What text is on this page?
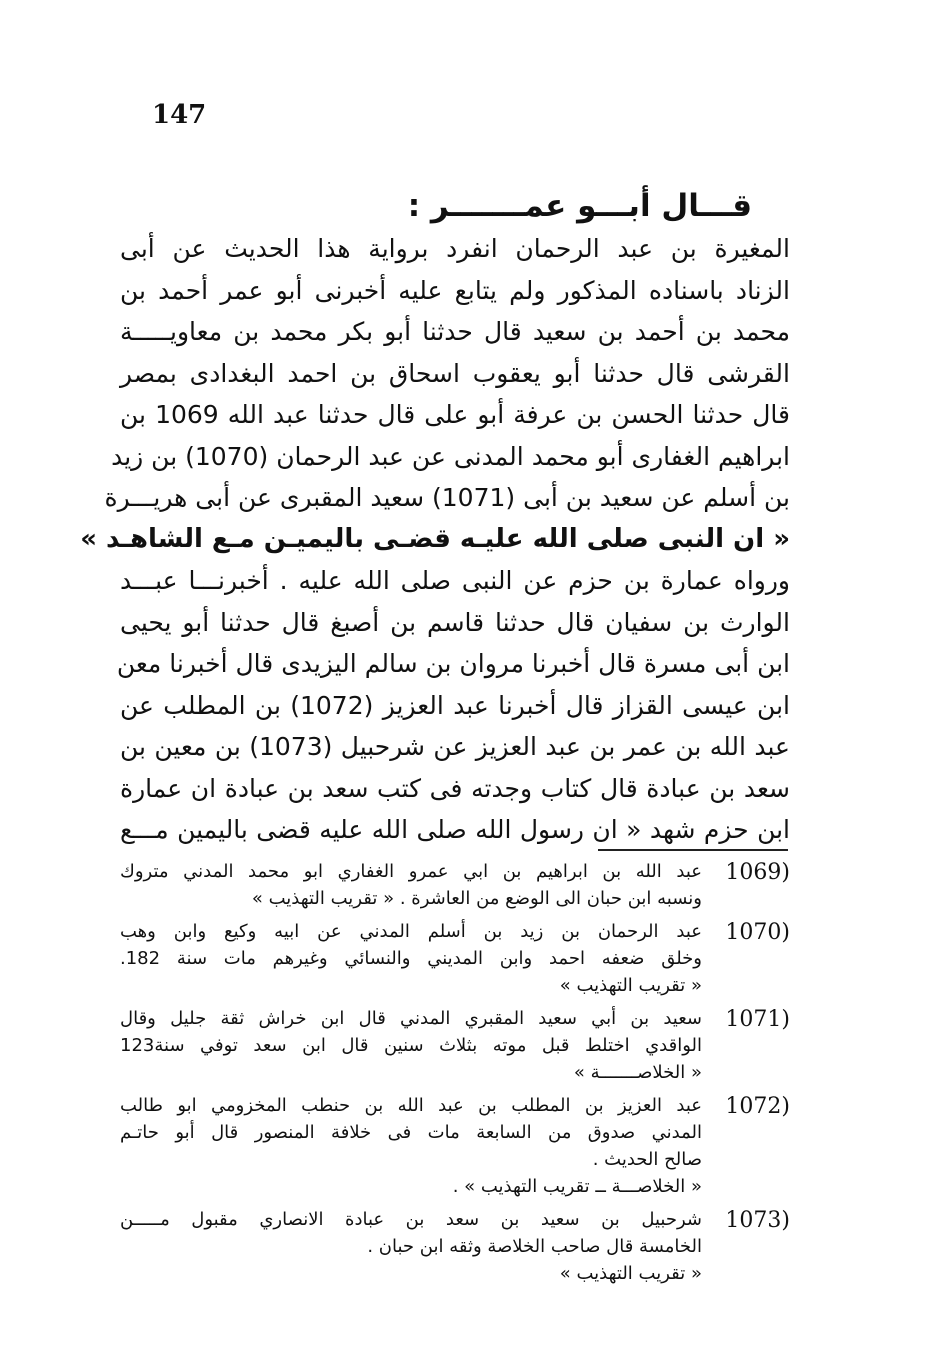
147
قـــال أبـــو عمـــــــر :
المغيرة بن عبد الرحمان انفرد برواية هذا الحديث عن أبى
الزناد باسناده المذكور ولم يتابع عليه أخبرنى أبو عمر أحمد بن
محمد بن أحمد بن سعيد قال حدثنا أبو بكر محمد بن معاويـــــة
القرشى قال حدثنا أبو يعقوب اسحاق بن احمد البغدادى بمصر
قال حدثنا الحسن بن عرفة أبو على قال حدثنا عبد الله 1069 بن
ابراهيم الغفارى أبو محمد المدنى عن عبد الرحمان (1070) بن زيد
بن أسلم عن سعيد بن أبى (1071) سعيد المقبرى عن أبى هريـــرة
« ان النبى صلى الله عليـه قضـى باليميـن مـع الشاهـد »
ورواه عمارة بن حزم عن النبى صلى الله عليه . أخبرنـــا عبـــد
الوارث بن سفيان قال حدثنا قاسم بن أصبغ قال حدثنا أبو يحيى
ابن أبى مسرة قال أخبرنا مروان بن سالم اليزيدى قال أخبرنا معن
ابن عيسى القزاز قال أخبرنا عبد العزيز (1072) بن المطلب عن
عبد الله بن عمر بن عبد العزيز عن شرحبيل (1073) بن معين بن
سعد بن عبادة قال كتاب وجدته فى كتب سعد بن عبادة ان عمارة
ابن حزم شهد « ان رسول الله صلى الله عليه قضى باليمين مـــع
1069)
عبد الله بن ابراهيم بن ابي عمرو الغفاري ابو محمد المدني متروك
ونسبه ابن حبان الى الوضع من العاشرة . « تقريب التهذيب »
1070)
عبد الرحمان بن زيد بن أسلم المدني عن ابيه وكيع وابن وهب
وخلق ضعفه احمد وابن المديني والنسائي وغيرهم مات سنة 182.
« تقريب التهذيب »
1071)
سعيد بن أبي سعيد المقبري المدني قال ابن خراش ثقة جليل وقال
الواقدي اختلط قبل موته بثلاث سنين قال ابن سعد توفي سنة123
« الخلاصـــــــة »
1072)
عبد العزيز بن المطلب بن عبد الله بن حنطب المخزومي ابو طالب
المدني صدوق من السابعة مات فى خلافة المنصور قال أبو حاتـم
صالح الحديث .
« الخلاصـــة ــ تقريب التهذيب » .
1073)
شرحبيل بن سعيد بن سعد بن عبادة الانصاري مقبول مـــــن
الخامسة قال صاحب الخلاصة وثقه ابن حبان .
« تقريب التهذيب »
